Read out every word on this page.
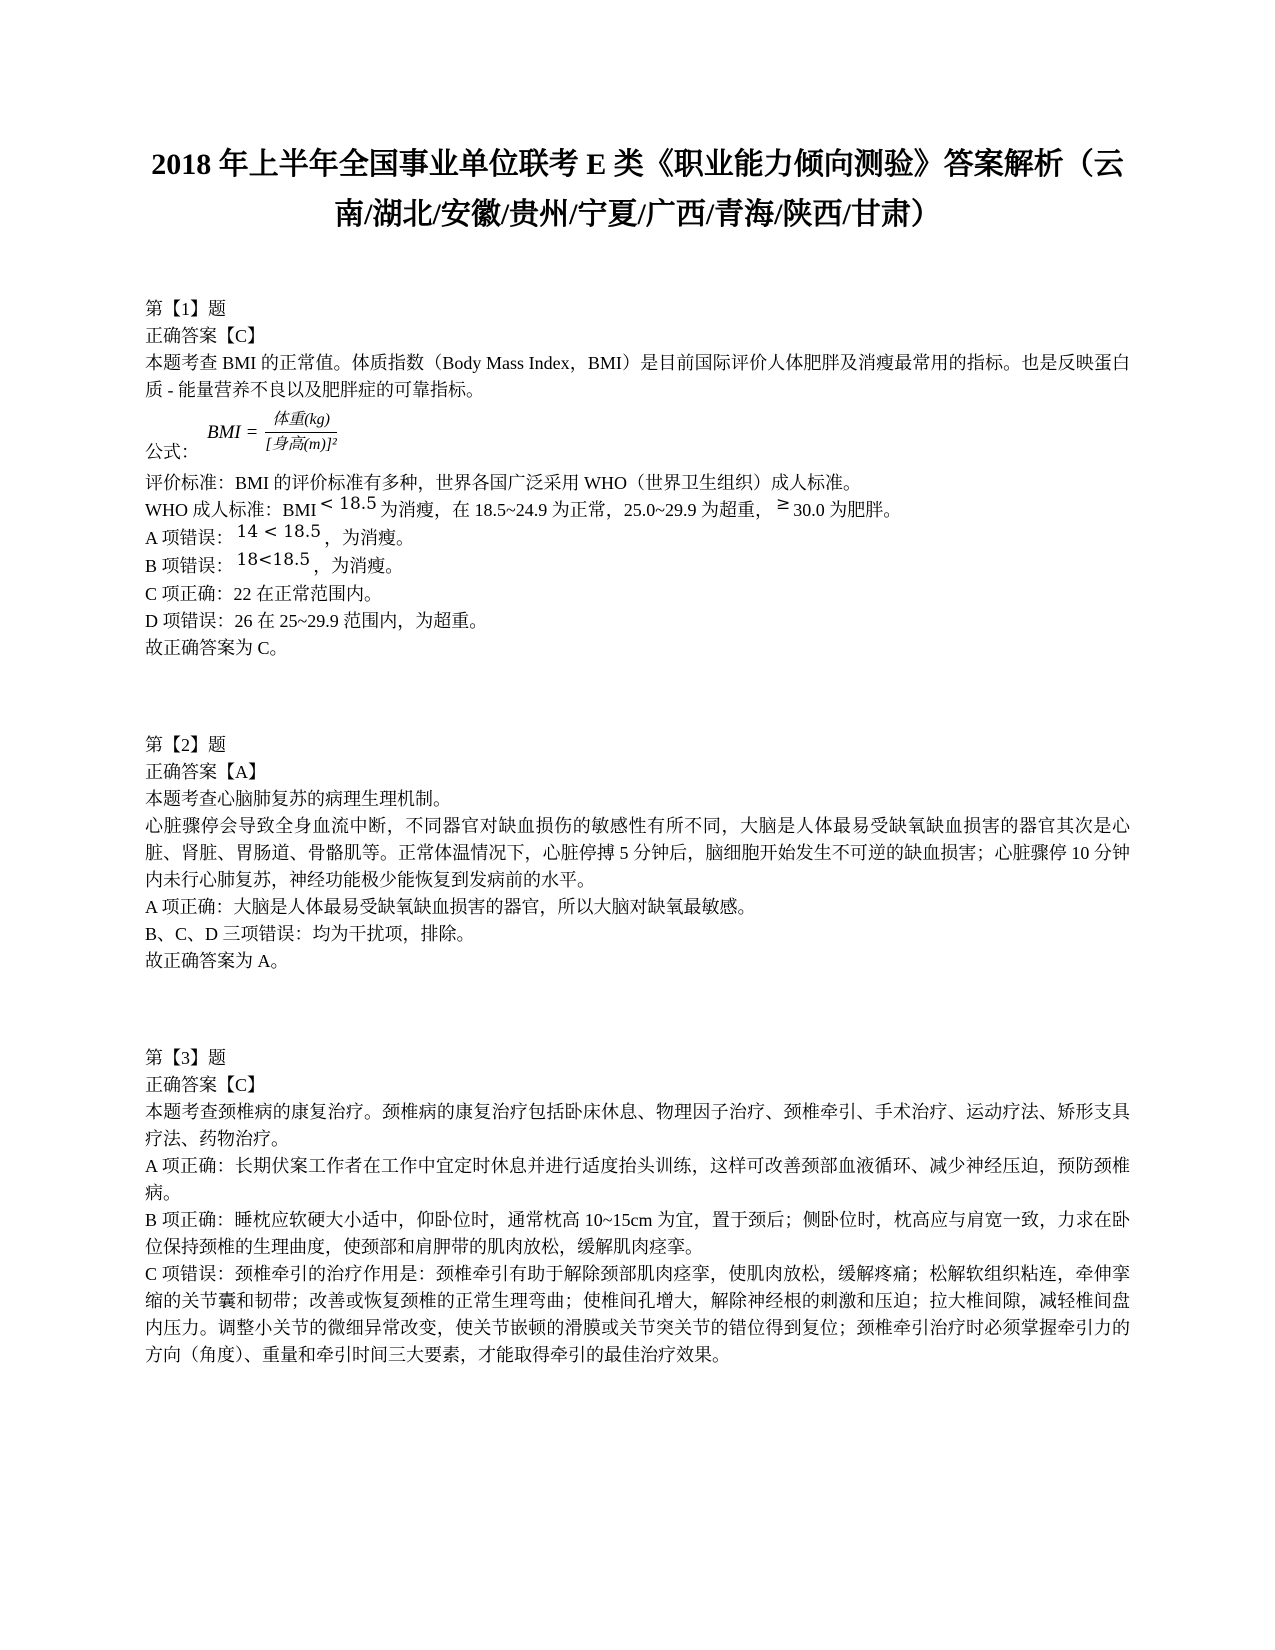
2018 年上半年全国事业单位联考 E 类《职业能力倾向测验》答案解析（云南/湖北/安徽/贵州/宁夏/广西/青海/陕西/甘肃）

第【1】题

正确答案【C】

本题考查 BMI 的正常值。体质指数（Body Mass Index，BMI）是目前国际评价人体肥胖及消瘦最常用的指标。也是反映蛋白质 - 能量营养不良以及肥胖症的可靠指标。

公式：
BMI = $\frac{\text{体重(kg)}}{\text{[身高(m)]²}}$

评价标准：BMI 的评价标准有多种，世界各国广泛采用 WHO（世界卫生组织）成人标准。

WHO 成人标准：BMI < 18.5 为消瘦，在 18.5~24.9 为正常，25.0~29.9 为超重， ≥ 30.0 为肥胖。

A 项错误： 14 < 18.5 ，为消瘦。

B 项错误： 18<18.5 ，为消瘦。

C 项正确：22 在正常范围内。

D 项错误：26 在 25~29.9 范围内，为超重。

故正确答案为 C。

第【2】题

正确答案【A】

本题考查心脑肺复苏的病理生理机制。

心脏骤停会导致全身血流中断，不同器官对缺血损伤的敏感性有所不同，大脑是人体最易受缺氧缺血损害的器官其次是心脏、肾脏、胃肠道、骨骼肌等。正常体温情况下，心脏停搏 5 分钟后，脑细胞开始发生不可逆的缺血损害；心脏骤停 10 分钟内未行心肺复苏，神经功能极少能恢复到发病前的水平。

A 项正确：大脑是人体最易受缺氧缺血损害的器官，所以大脑对缺氧最敏感。

B、C、D 三项错误：均为干扰项，排除。

故正确答案为 A。

第【3】题

正确答案【C】

本题考查颈椎病的康复治疗。颈椎病的康复治疗包括卧床休息、物理因子治疗、颈椎牵引、手术治疗、运动疗法、矫形支具疗法、药物治疗。

A 项正确：长期伏案工作者在工作中宜定时休息并进行适度抬头训练，这样可改善颈部血液循环、减少神经压迫，预防颈椎病。

B 项正确：睡枕应软硬大小适中，仰卧位时，通常枕高 10~15cm 为宜，置于颈后；侧卧位时，枕高应与肩宽一致，力求在卧位保持颈椎的生理曲度，使颈部和肩胛带的肌肉放松，缓解肌肉痉挛。

C 项错误：颈椎牵引的治疗作用是：颈椎牵引有助于解除颈部肌肉痉挛，使肌肉放松，缓解疼痛；松解软组织粘连，牵伸挛缩的关节囊和韧带；改善或恢复颈椎的正常生理弯曲；使椎间孔增大，解除神经根的刺激和压迫；拉大椎间隙，减轻椎间盘内压力。调整小关节的微细异常改变，使关节嵌顿的滑膜或关节突关节的错位得到复位；颈椎牵引治疗时必须掌握牵引力的方向（角度）、重量和牵引时间三大要素，才能取得牵引的最佳治疗效果。
